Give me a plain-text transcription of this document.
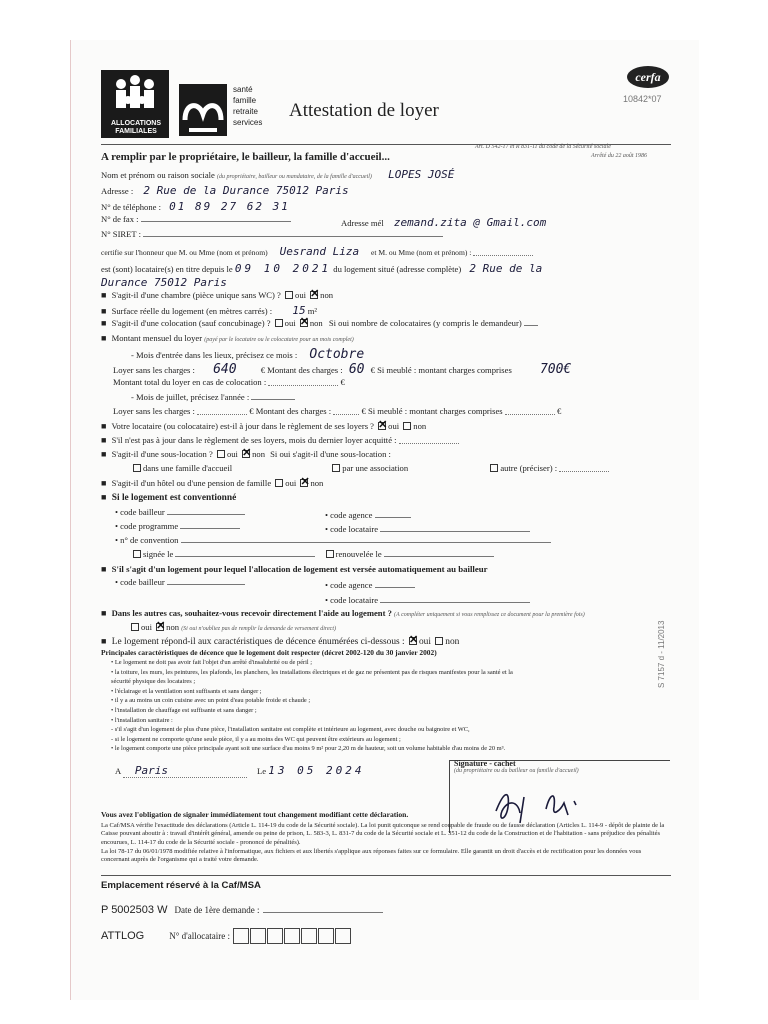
ALLOCATIONS FAMILIALES
santé
famille
retraite
services
Attestation de loyer
cerfa
10842*07
A remplir par le propriétaire, le bailleur, la famille d'accueil...
Art. D 542-17 et R 831-11 du code de la Sécurité sociale
Arrêté du 22 août 1986
Nom et prénom ou raison sociale (du propriétaire, bailleur ou mandataire, de la famille d'accueil) LOPES JOSÉ
Adresse : 2 Rue de la Durance 75012 Paris
N° de téléphone : 01 89 27 62 31
N° de fax :	Adresse mél zemand.zita @ Gmail.com
N° SIRET :
certifie sur l'honneur que M. ou Mme (nom et prénom) Uesrand Liza et M. ou Mme (nom et prénom) :
est (sont) locataire(s) en titre depuis le 09 10 2021 du logement situé (adresse complète) 2 Rue de la
Durance 75012 Paris
■ S'agit-il d'une chambre (pièce unique sans WC) ? oui ✕ non
■ Surface réelle du logement (en mètres carrés) : 15 m²
■ S'agit-il d'une colocation (sauf concubinage) ? oui ✕ non Si oui nombre de colocataires (y compris le demandeur)
■ Montant mensuel du loyer (payé par le locataire ou le colocataire pour un mois complet)
- Mois d'entrée dans les lieux, précisez ce mois : Octobre
Loyer sans les charges : 640	€ Montant des charges : 60 € Si meublé : montant charges comprises 700€
Montant total du loyer en cas de colocation :	€
- Mois de juillet, précisez l'année :
Loyer sans les charges :	€ Montant des charges :	€ Si meublé : montant charges comprises	€
■ Votre locataire (ou colocataire) est-il à jour dans le règlement de ses loyers ? ✕ oui non
■ S'il n'est pas à jour dans le règlement de ses loyers, mois du dernier loyer acquitté :
■ S'agit-il d'une sous-location ? oui ✕ non Si oui s'agit-il d'une sous-location :
dans une famille d'accueil	par une association	autre (préciser) :
■ S'agit-il d'un hôtel ou d'une pension de famille oui ✕ non
■ Si le logement est conventionné
• code bailleur	• code agence
• code programme	• code locataire
• n° de convention
signée le	renouvelée le
■ S'il s'agit d'un logement pour lequel l'allocation de logement est versée automatiquement au bailleur
• code bailleur	• code agence
• code locataire
■ Dans les autres cas, souhaitez-vous recevoir directement l'aide au logement ? (A compléter uniquement si vous remplissez ce document pour la première fois)
oui ✕ non (Si oui n'oubliez pas de remplir la demande de versement direct)
■ Le logement répond-il aux caractéristiques de décence énumérées ci-dessous : ✕ oui non
Principales caractéristiques de décence que le logement doit respecter (décret 2002-120 du 30 janvier 2002)
• Le logement ne doit pas avoir fait l'objet d'un arrêté d'insalubrité ou de péril ;
• la toiture, les murs, les peintures, les plafonds, les planchers, les installations électriques et de gaz ne présentent pas de risques manifestes pour la santé et la
sécurité physique des locataires ;
• l'éclairage et la ventilation sont suffisants et sans danger ;
• il y a au moins un coin cuisine avec un point d'eau potable froide et chaude ;
• l'installation de chauffage est suffisante et sans danger ;
• l'installation sanitaire :
- s'il s'agit d'un logement de plus d'une pièce, l'installation sanitaire est complète et intérieure au logement, avec douche ou baignoire et WC,
- si le logement ne comporte qu'une seule pièce, il y a au moins des WC qui peuvent être extérieurs au logement ;
• le logement comporte une pièce principale ayant soit une surface d'au moins 9 m² pour 2,20 m de hauteur, soit un volume habitable d'au moins de 20 m³.
A Paris	Le 13 05 2024
Signature - cachet
(du propriétaire ou du bailleur ou famille d'accueil)
S 7157 d - 11/2013
Vous avez l'obligation de signaler immédiatement tout changement modifiant cette déclaration.
La Caf/MSA vérifie l'exactitude des déclarations (Article L. 114-19 du code de la Sécurité sociale). La loi punit quiconque se rend coupable de fraude ou de fausse déclaration (Articles L. 114-9 - dépôt de plainte de la Caisse pouvant aboutir à : travail d'intérêt général, amende ou peine de prison, L. 583-3, L. 831-7 du code de la Sécurité sociale et L. 351-12 du code de la Construction et de l'habitation - sans préjudice des pénalités encourues, L. 114-17 du code de la Sécurité sociale - prononcé de pénalités).
La loi 78-17 du 06/01/1978 modifiée relative à l'informatique, aux fichiers et aux libertés s'applique aux réponses faites sur ce formulaire. Elle garantit un droit d'accès et de rectification pour les données vous concernant auprès de l'organisme qui a traité votre demande.
Emplacement réservé à la Caf/MSA
P 5002503 W Date de 1ère demande :
ATTLOG	N° d'allocataire :
